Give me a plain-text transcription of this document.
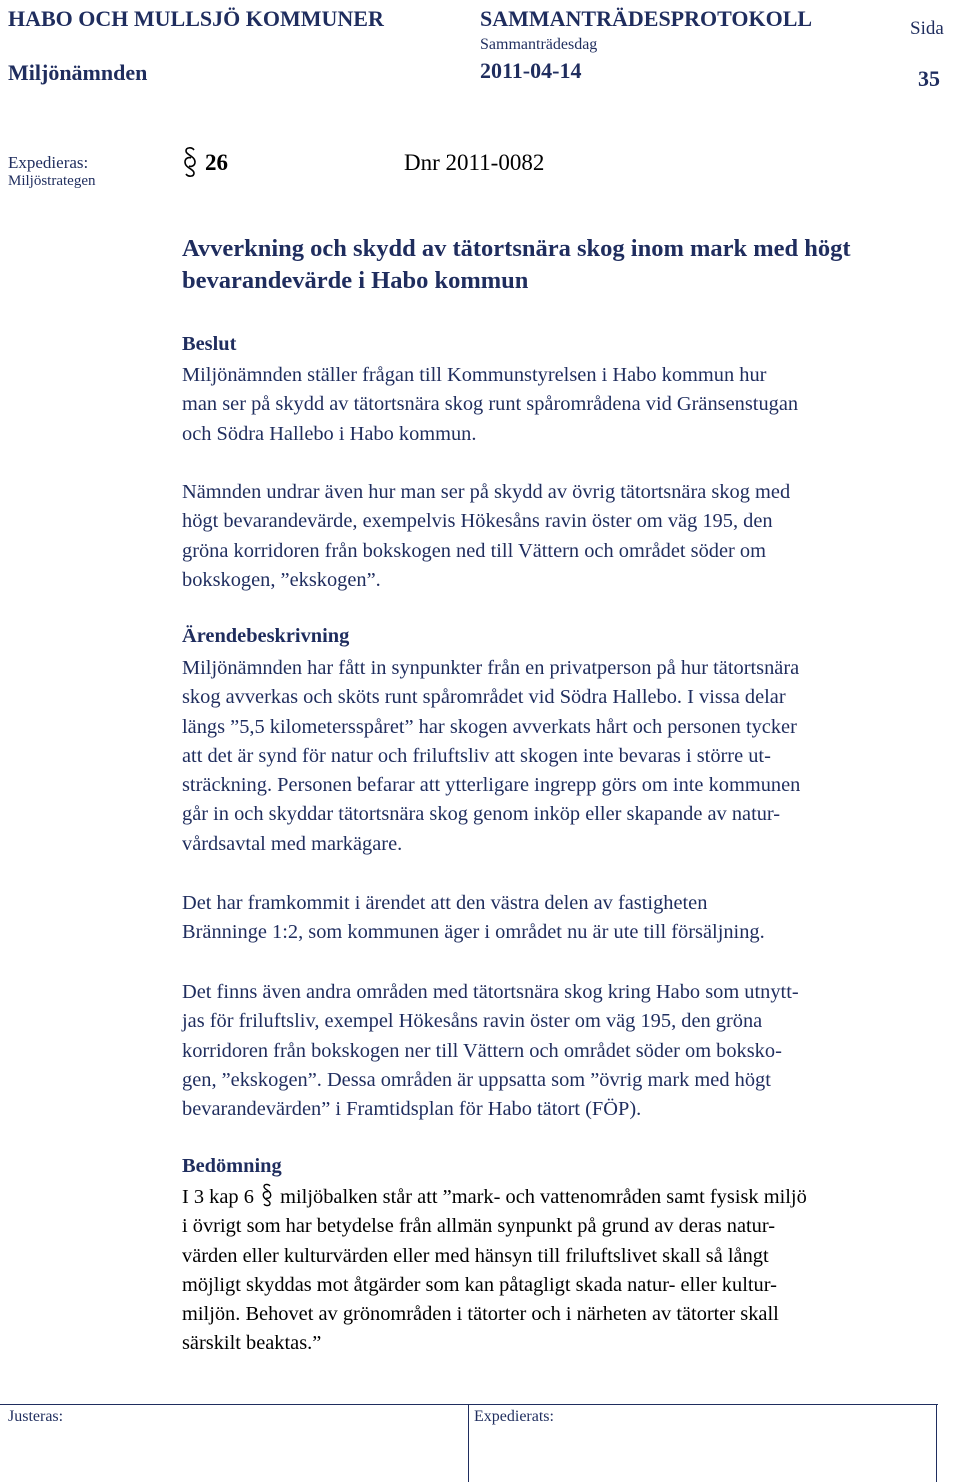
HABO OCH MULLSJÖ KOMMUNER	SAMMANTRÄDESPROTOKOLL	Sida
Sammanträdesdag
Miljönämnden	2011-04-14	35
Expedieras:
Miljöstrategen
26	Dnr 2011-0082
Avverkning och skydd av tätortsnära skog inom mark med högt
bevarandevärde i Habo kommun
Beslut
Miljönämnden ställer frågan till Kommunstyrelsen i Habo kommun hur
man ser på skydd av tätortsnära skog runt spårområdena vid Gränsenstugan
och Södra Hallebo i Habo kommun.
Nämnden undrar även hur man ser på skydd av övrig tätortsnära skog med
högt bevarandevärde, exempelvis Hökesåns ravin öster om väg 195, den
gröna korridoren från bokskogen ned till Vättern och området söder om
bokskogen, ”ekskogen”.
Ärendebeskrivning
Miljönämnden har fått in synpunkter från en privatperson på hur tätortsnära
skog avverkas och sköts runt spårområdet vid Södra Hallebo. I vissa delar
längs ”5,5 kilometersspåret” har skogen avverkats hårt och personen tycker
att det är synd för natur och friluftsliv att skogen inte bevaras i större ut-
sträckning. Personen befarar att ytterligare ingrepp görs om inte kommunen
går in och skyddar tätortsnära skog genom inköp eller skapande av natur-
vårdsavtal med markägare.
Det har framkommit i ärendet att den västra delen av fastigheten
Bränninge 1:2, som kommunen äger i området nu är ute till försäljning.
Det finns även andra områden med tätortsnära skog kring Habo som utnytt-
jas för friluftsliv, exempel Hökesåns ravin öster om väg 195, den gröna
korridoren från bokskogen ner till Vättern och området söder om boksko-
gen, ”ekskogen”. Dessa områden är uppsatta som ”övrig mark med högt
bevarandevärden” i Framtidsplan för Habo tätort (FÖP).
Bedömning
I 3 kap 6 miljöbalken står att ”mark- och vattenområden samt fysisk miljö
i övrigt som har betydelse från allmän synpunkt på grund av deras natur-
värden eller kulturvärden eller med hänsyn till friluftslivet skall så långt
möjligt skyddas mot åtgärder som kan påtagligt skada natur- eller kultur-
miljön. Behovet av grönområden i tätorter och i närheten av tätorter skall
särskilt beaktas.”
Justeras:	Expedierats:
